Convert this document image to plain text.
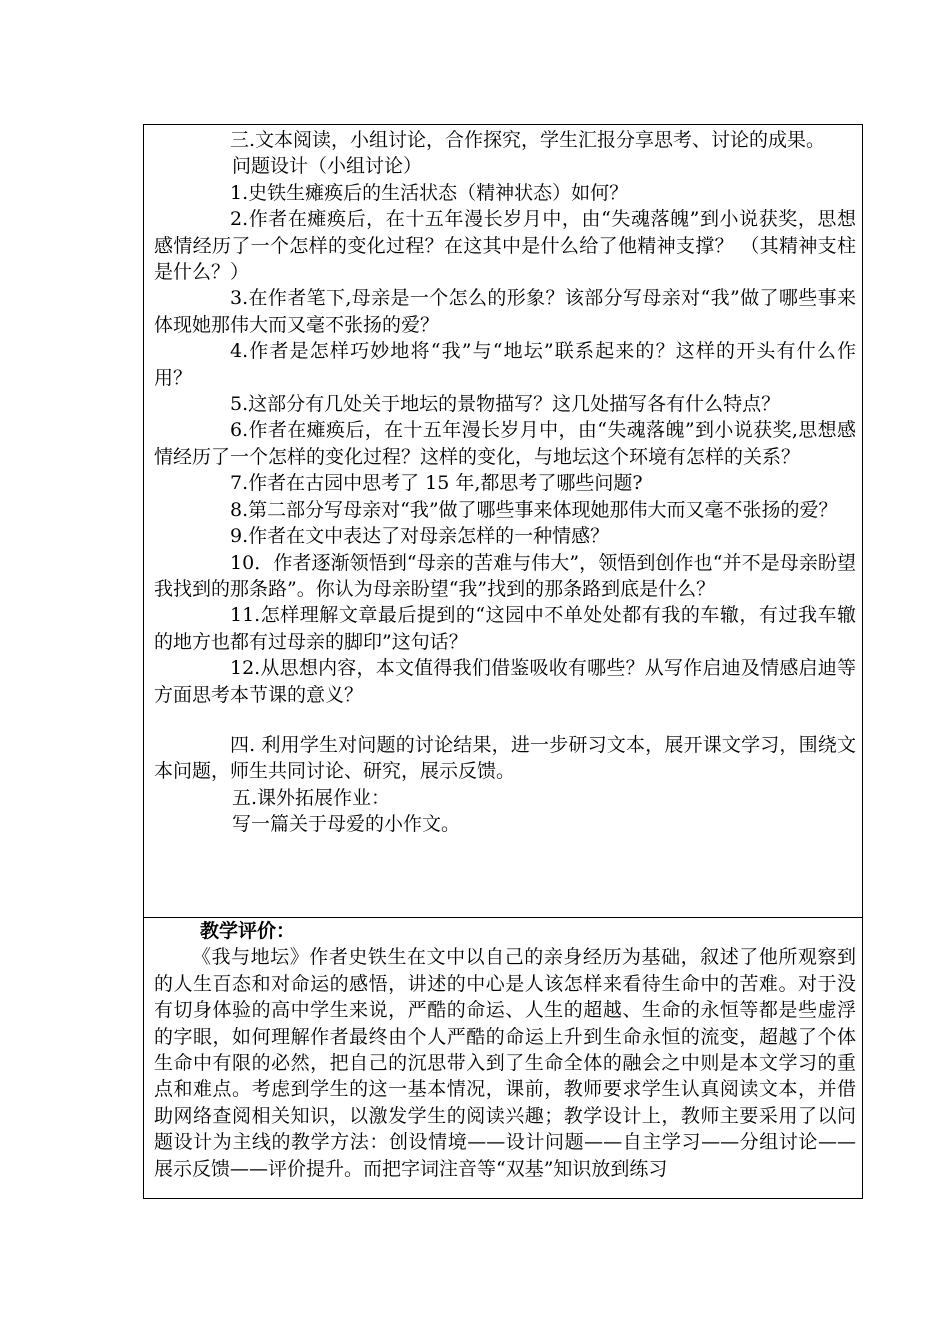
三.文本阅读，小组讨论，合作探究，学生汇报分享思考、讨论的成果。

问题设计（小组讨论）

1.史铁生瘫痪后的生活状态（精神状态）如何？

2.作者在瘫痪后，在十五年漫长岁月中，由“失魂落魄”到小说获奖，思想感情经历了一个怎样的变化过程？在这其中是什么给了他精神支撑？ （其精神支柱是什么？）

3.在作者笔下,母亲是一个怎么的形象？该部分写母亲对“我”做了哪些事来体现她那伟大而又毫不张扬的爱？

4.作者是怎样巧妙地将“我”与“地坛”联系起来的？这样的开头有什么作用？

5.这部分有几处关于地坛的景物描写？这几处描写各有什么特点？

6.作者在瘫痪后，在十五年漫长岁月中，由“失魂落魄”到小说获奖,思想感情经历了一个怎样的变化过程？这样的变化，与地坛这个环境有怎样的关系？

7.作者在古园中思考了 15 年,都思考了哪些问题?

8.第二部分写母亲对“我”做了哪些事来体现她那伟大而又毫不张扬的爱？

9.作者在文中表达了对母亲怎样的一种情感？

10．作者逐渐领悟到“母亲的苦难与伟大”，领悟到创作也“并不是母亲盼望我找到的那条路”。你认为母亲盼望“我”找到的那条路到底是什么？

11.怎样理解文章最后提到的“这园中不单处处都有我的车辙，有过我车辙的地方也都有过母亲的脚印”这句话？

12.从思想内容，本文值得我们借鉴吸收有哪些？从写作启迪及情感启迪等方面思考本节课的意义？

四. 利用学生对问题的讨论结果，进一步研习文本，展开课文学习，围绕文本问题，师生共同讨论、研究，展示反馈。

五.课外拓展作业：

写一篇关于母爱的小作文。

教学评价：

《我与地坛》作者史铁生在文中以自己的亲身经历为基础，叙述了他所观察到的人生百态和对命运的感悟，讲述的中心是人该怎样来看待生命中的苦难。对于没有切身体验的高中学生来说，严酷的命运、人生的超越、生命的永恒等都是些虚浮的字眼，如何理解作者最终由个人严酷的命运上升到生命永恒的流变，超越了个体生命中有限的必然，把自己的沉思带入到了生命全体的融会之中则是本文学习的重点和难点。考虑到学生的这一基本情况，课前，教师要求学生认真阅读文本，并借助网络查阅相关知识，以激发学生的阅读兴趣；教学设计上，教师主要采用了以问题设计为主线的教学方法：创设情境——设计问题——自主学习——分组讨论——展示反馈——评价提升。而把字词注音等“双基”知识放到练习
